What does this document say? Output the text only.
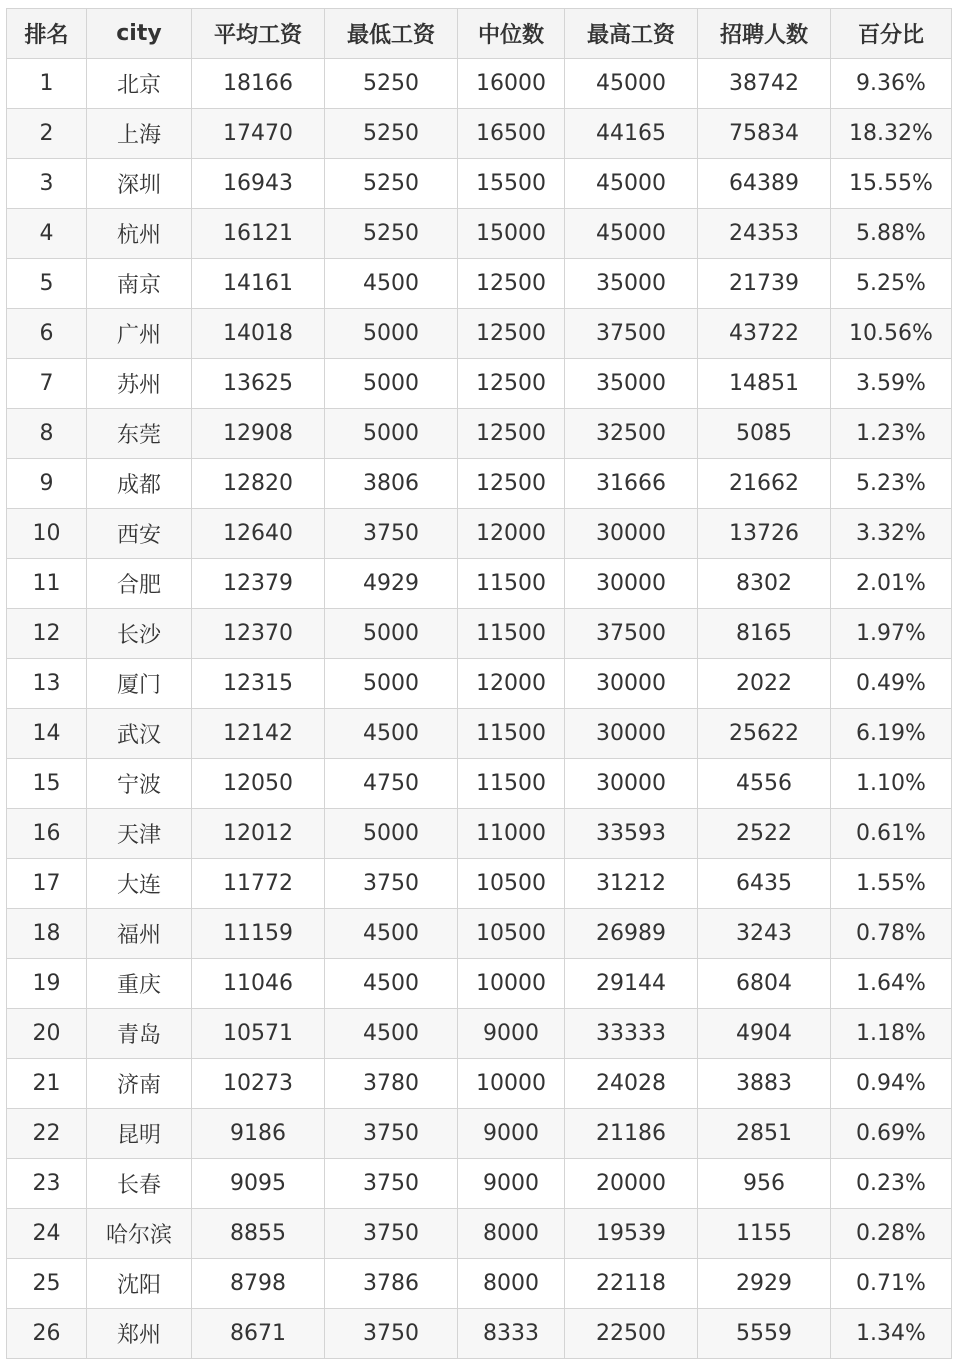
排名	city	平均工资	最低工资	中位数	最高工资	招聘人数	百分比
1	北京	18166	5250	16000	45000	38742	9.36%
2	上海	17470	5250	16500	44165	75834	18.32%
3	深圳	16943	5250	15500	45000	64389	15.55%
4	杭州	16121	5250	15000	45000	24353	5.88%
5	南京	14161	4500	12500	35000	21739	5.25%
6	广州	14018	5000	12500	37500	43722	10.56%
7	苏州	13625	5000	12500	35000	14851	3.59%
8	东莞	12908	5000	12500	32500	5085	1.23%
9	成都	12820	3806	12500	31666	21662	5.23%
10	西安	12640	3750	12000	30000	13726	3.32%
11	合肥	12379	4929	11500	30000	8302	2.01%
12	长沙	12370	5000	11500	37500	8165	1.97%
13	厦门	12315	5000	12000	30000	2022	0.49%
14	武汉	12142	4500	11500	30000	25622	6.19%
15	宁波	12050	4750	11500	30000	4556	1.10%
16	天津	12012	5000	11000	33593	2522	0.61%
17	大连	11772	3750	10500	31212	6435	1.55%
18	福州	11159	4500	10500	26989	3243	0.78%
19	重庆	11046	4500	10000	29144	6804	1.64%
20	青岛	10571	4500	9000	33333	4904	1.18%
21	济南	10273	3780	10000	24028	3883	0.94%
22	昆明	9186	3750	9000	21186	2851	0.69%
23	长春	9095	3750	9000	20000	956	0.23%
24	哈尔滨	8855	3750	8000	19539	1155	0.28%
25	沈阳	8798	3786	8000	22118	2929	0.71%
26	郑州	8671	3750	8333	22500	5559	1.34%
